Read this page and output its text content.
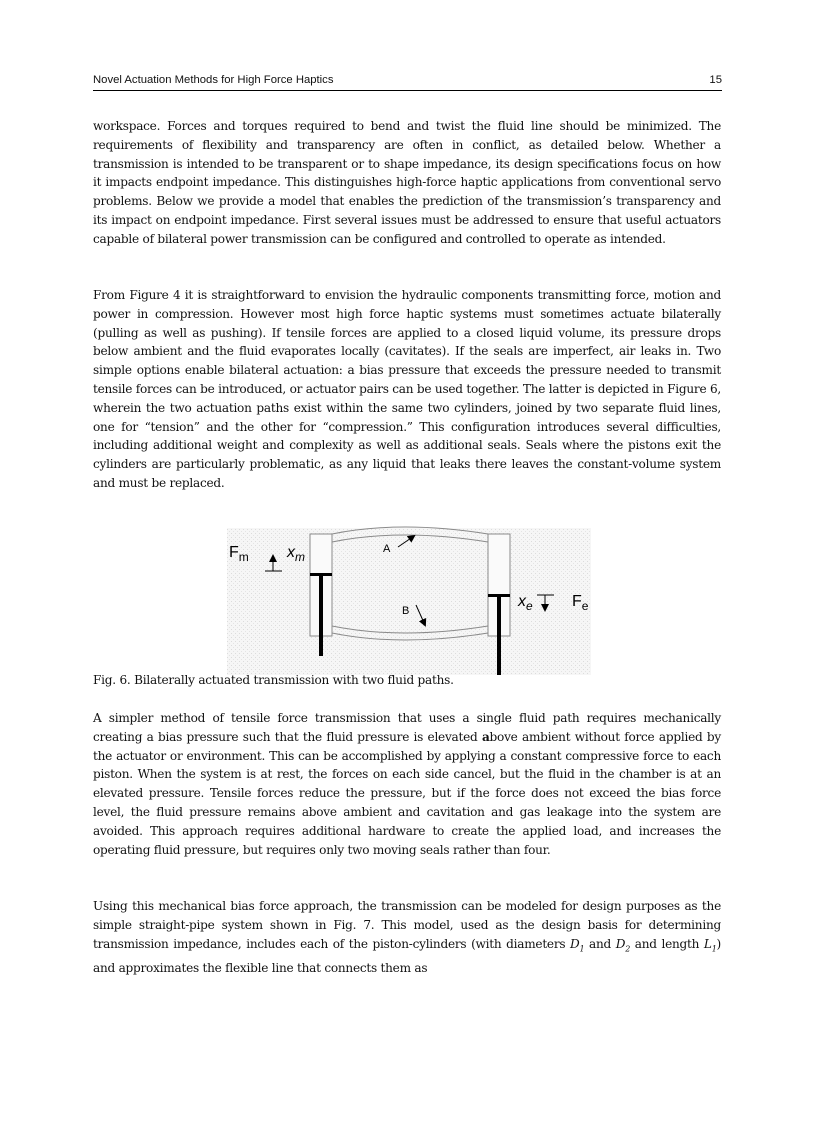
Novel Actuation Methods for High Force Haptics	15

workspace. Forces and torques required to bend and twist the fluid line should be minimized. The requirements of flexibility and transparency are often in conflict, as detailed below. Whether a transmission is intended to be transparent or to shape impedance, its design specifications focus on how it impacts endpoint impedance. This distinguishes high-force haptic applications from conventional servo problems. Below we provide a model that enables the prediction of the transmission’s transparency and its impact on endpoint impedance. First several issues must be addressed to ensure that useful actuators capable of bilateral power transmission can be configured and controlled to operate as intended.

From Figure 4 it is straightforward to envision the hydraulic components transmitting force, motion and power in compression. However most high force haptic systems must sometimes actuate bilaterally (pulling as well as pushing). If tensile forces are applied to a closed liquid volume, its pressure drops below ambient and the fluid evaporates locally (cavitates). If the seals are imperfect, air leaks in. Two simple options enable bilateral actuation: a bias pressure that exceeds the pressure needed to transmit tensile forces can be introduced, or actuator pairs can be used together. The latter is depicted in Figure 6, wherein the two actuation paths exist within the same two cylinders, joined by two separate fluid lines, one for “tension” and the other for “compression.” This configuration introduces several difficulties, including additional weight and complexity as well as additional seals. Seals where the pistons exit the cylinders are particularly problematic, as any liquid that leaks there leaves the constant-volume system and must be replaced.

$F_m$ $x_m$
A
B
$x_e$ $F_e$
Fig. 6. Bilaterally actuated transmission with two fluid paths.

A simpler method of tensile force transmission that uses a single fluid path requires mechanically creating a bias pressure such that the fluid pressure is elevated above ambient without force applied by the actuator or environment. This can be accomplished by applying a constant compressive force to each piston. When the system is at rest, the forces on each side cancel, but the fluid in the chamber is at an elevated pressure. Tensile forces reduce the pressure, but if the force does not exceed the bias force level, the fluid pressure remains above ambient and cavitation and gas leakage into the system are avoided. This approach requires additional hardware to create the applied load, and increases the operating fluid pressure, but requires only two moving seals rather than four.

Using this mechanical bias force approach, the transmission can be modeled for design purposes as the simple straight-pipe system shown in Fig. 7. This model, used as the design basis for determining transmission impedance, includes each of the piston-cylinders (with diameters $D_1$ and $D_2$ and length $L_1$) and approximates the flexible line that connects them as
